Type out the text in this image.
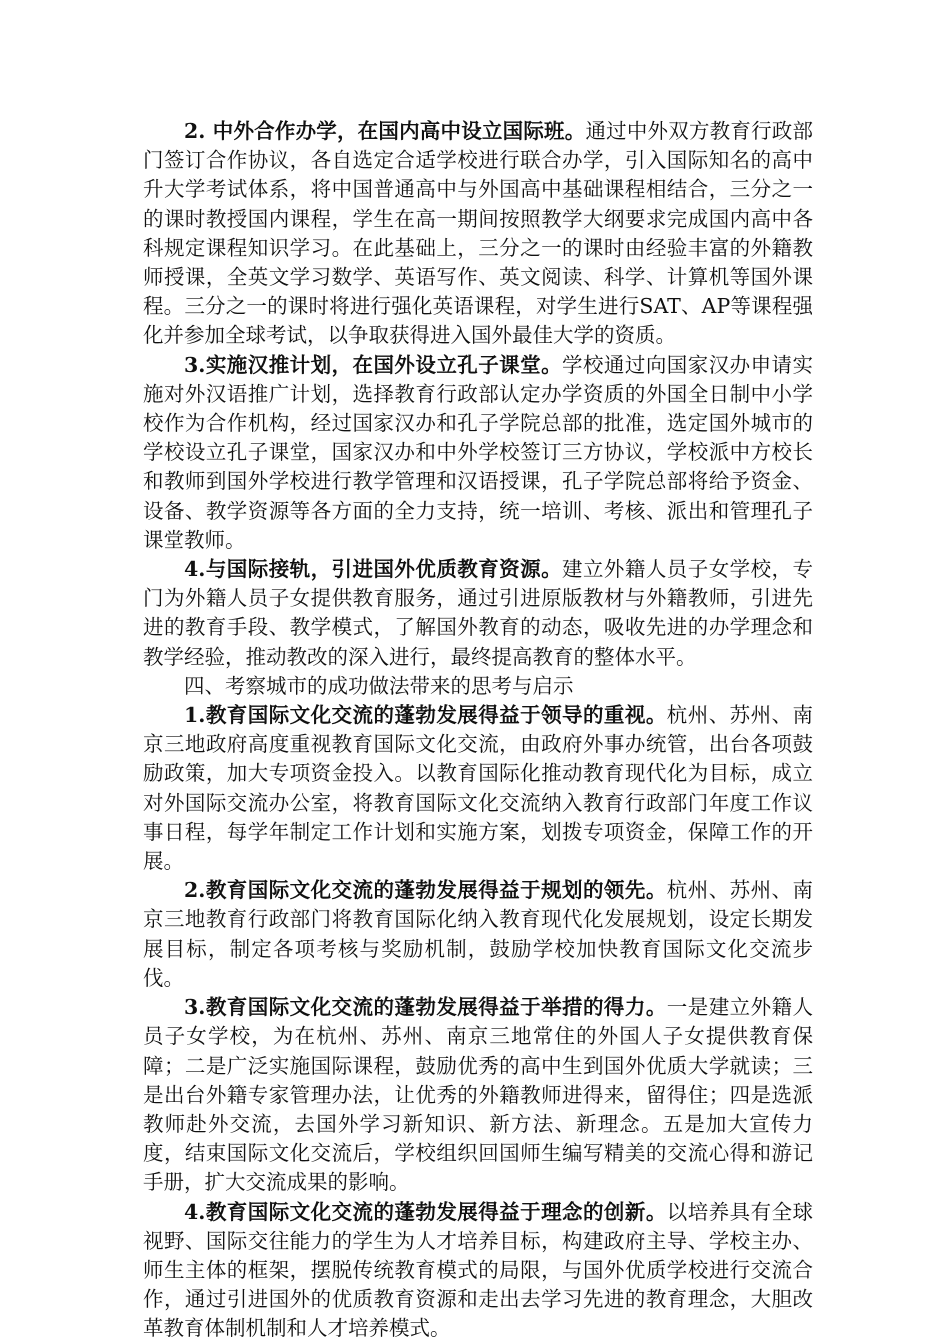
2. 中外合作办学，在国内高中设立国际班。通过中外双方教育行政部门签订合作协议，各自选定合适学校进行联合办学，引入国际知名的高中升大学考试体系，将中国普通高中与外国高中基础课程相结合，三分之一的课时教授国内课程，学生在高一期间按照教学大纲要求完成国内高中各科规定课程知识学习。在此基础上，三分之一的课时由经验丰富的外籍教师授课，全英文学习数学、英语写作、英文阅读、科学、计算机等国外课程。三分之一的课时将进行强化英语课程，对学生进行SAT、AP等课程强化并参加全球考试，以争取获得进入国外最佳大学的资质。

3.实施汉推计划，在国外设立孔子课堂。学校通过向国家汉办申请实施对外汉语推广计划，选择教育行政部认定办学资质的外国全日制中小学校作为合作机构，经过国家汉办和孔子学院总部的批准，选定国外城市的学校设立孔子课堂，国家汉办和中外学校签订三方协议，学校派中方校长和教师到国外学校进行教学管理和汉语授课，孔子学院总部将给予资金、设备、教学资源等各方面的全力支持，统一培训、考核、派出和管理孔子课堂教师。

4.与国际接轨，引进国外优质教育资源。建立外籍人员子女学校，专门为外籍人员子女提供教育服务，通过引进原版教材与外籍教师，引进先进的教育手段、教学模式，了解国外教育的动态，吸收先进的办学理念和教学经验，推动教改的深入进行，最终提高教育的整体水平。

四、考察城市的成功做法带来的思考与启示

1.教育国际文化交流的蓬勃发展得益于领导的重视。杭州、苏州、南京三地政府高度重视教育国际文化交流，由政府外事办统管，出台各项鼓励政策，加大专项资金投入。以教育国际化推动教育现代化为目标，成立对外国际交流办公室，将教育国际文化交流纳入教育行政部门年度工作议事日程，每学年制定工作计划和实施方案，划拨专项资金，保障工作的开展。

2.教育国际文化交流的蓬勃发展得益于规划的领先。杭州、苏州、南京三地教育行政部门将教育国际化纳入教育现代化发展规划，设定长期发展目标，制定各项考核与奖励机制，鼓励学校加快教育国际文化交流步伐。

3.教育国际文化交流的蓬勃发展得益于举措的得力。一是建立外籍人员子女学校，为在杭州、苏州、南京三地常住的外国人子女提供教育保障；二是广泛实施国际课程，鼓励优秀的高中生到国外优质大学就读；三是出台外籍专家管理办法，让优秀的外籍教师进得来，留得住；四是选派教师赴外交流，去国外学习新知识、新方法、新理念。五是加大宣传力度，结束国际文化交流后，学校组织回国师生编写精美的交流心得和游记手册，扩大交流成果的影响。

4.教育国际文化交流的蓬勃发展得益于理念的创新。以培养具有全球视野、国际交往能力的学生为人才培养目标，构建政府主导、学校主办、师生主体的框架，摆脱传统教育模式的局限，与国外优质学校进行交流合作，通过引进国外的优质教育资源和走出去学习先进的教育理念，大胆改革教育体制机制和人才培养模式。
